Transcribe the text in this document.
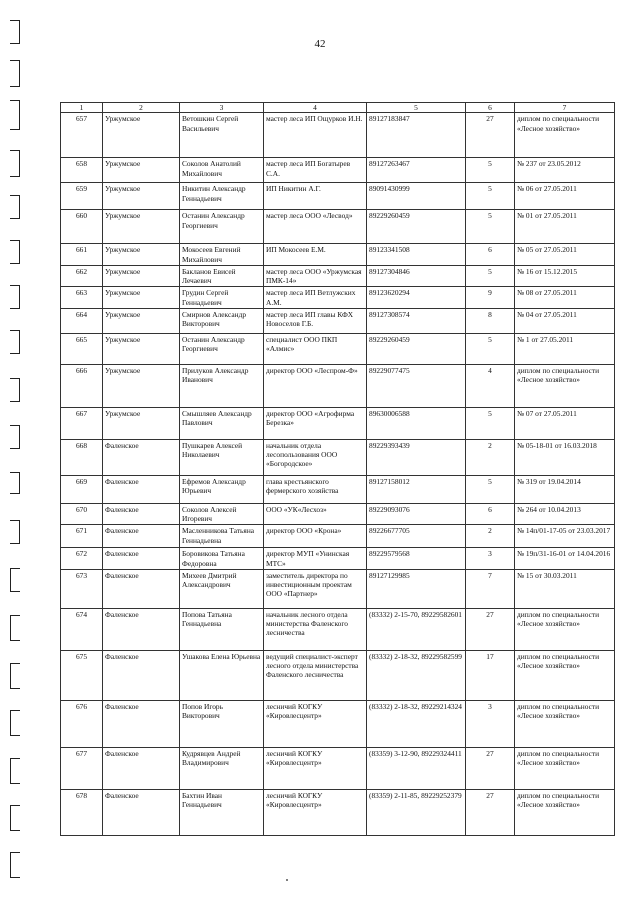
42
1	2	3	4	5	6	7
657	Уржумское	Ветошкин Сергей Васильевич	мастер леса ИП Ощурков И.Н.	89127183847	27	диплом по специальности «Лесное хозяйство»
658	Уржумское	Соколов Анатолий Михайлович	мастер леса ИП Богатырев С.А.	89127263467	5	№ 237 от 23.05.2012
659	Уржумское	Никитин Александр Геннадьевич	ИП Никитин А.Г.	89091430999	5	№ 06 от 27.05.2011
660	Уржумское	Останин Александр Георгиевич	мастер леса ООО «Лесвод»	89229260459	5	№ 01 от 27.05.2011
661	Уржумское	Мокосеев Евгений Михайлович	ИП Мокосеев Е.М.	89123341508	6	№ 05 от 27.05.2011
662	Уржумское	Бакланов Евисей Лечаевич	мастер леса ООО «Уржумская ПМК-14»	89127304846	5	№ 16 от 15.12.2015
663	Уржумское	Грудин Сергей Геннадьевич	мастер леса ИП Ветлужских А.М.	89123620294	9	№ 08 от 27.05.2011
664	Уржумское	Смирнов Александр Викторович	мастер леса ИП главы КФХ Новоселов Г.Б.	89127308574	8	№ 04 от 27.05.2011
665	Уржумское	Останин Александр Георгиевич	специалист ООО ПКП «Алмис»	89229260459	5	№ 1 от 27.05.2011
666	Уржумское	Прилуков Александр Иванович	директор ООО «Леспром-Ф»	89229077475	4	диплом по специальности «Лесное хозяйство»
667	Уржумское	Смышляев Александр Павлович	директор ООО «Агрофирма Березка»	89630006588	5	№ 07 от 27.05.2011
668	Фаленское	Пушкарев Алексей Николаевич	начальник отдела лесопользования ООО «Богородское»	89229393439	2	№ 05-18-01 от 16.03.2018
669	Фаленское	Ефремов Александр Юрьевич	глава крестьянского фермерского хозяйства	89127158012	5	№ 319 от 19.04.2014
670	Фаленское	Соколов Алексей Игоревич	ООО «УК«Лесхоз»	89229093076	6	№ 264 от 10.04.2013
671	Фаленское	Масленникова Татьяна Геннадьевна	директор ООО «Крона»	89226677705	2	№ 14п/01-17-05 от 23.03.2017
672	Фаленское	Боровикова Татьяна Федоровна	директор МУП «Унинская МТС»	89229579568	3	№ 19п/31-16-01 от 14.04.2016
673	Фаленское	Михеев Дмитрий Александрович	заместитель директора по инвестиционным проектам ООО «Партнер»	89127129985	7	№ 15 от 30.03.2011
674	Фаленское	Попова Татьяна Геннадьевна	начальник лесного отдела министерства Фаленского лесничества	(83332) 2-15-70, 89229582601	27	диплом по специальности «Лесное хозяйство»
675	Фаленское	Ушакова Елена Юрьевна	ведущий специалист-эксперт лесного отдела министерства Фаленского лесничества	(83332) 2-18-32, 89229582599	17	диплом по специальности «Лесное хозяйство»
676	Фаленское	Попов Игорь Викторович	лесничий КОГКУ «Кировлесцентр»	(83332) 2-18-32, 89229214324	3	диплом по специальности «Лесное хозяйство»
677	Фаленское	Кудрявцев Андрей Владимирович	лесничий КОГКУ «Кировлесцентр»	(83359) 3-12-90, 89229324411	27	диплом по специальности «Лесное хозяйство»
678	Фаленское	Бахтин Иван Геннадьевич	лесничий КОГКУ «Кировлесцентр»	(83359) 2-11-85, 89229252379	27	диплом по специальности «Лесное хозяйство»
